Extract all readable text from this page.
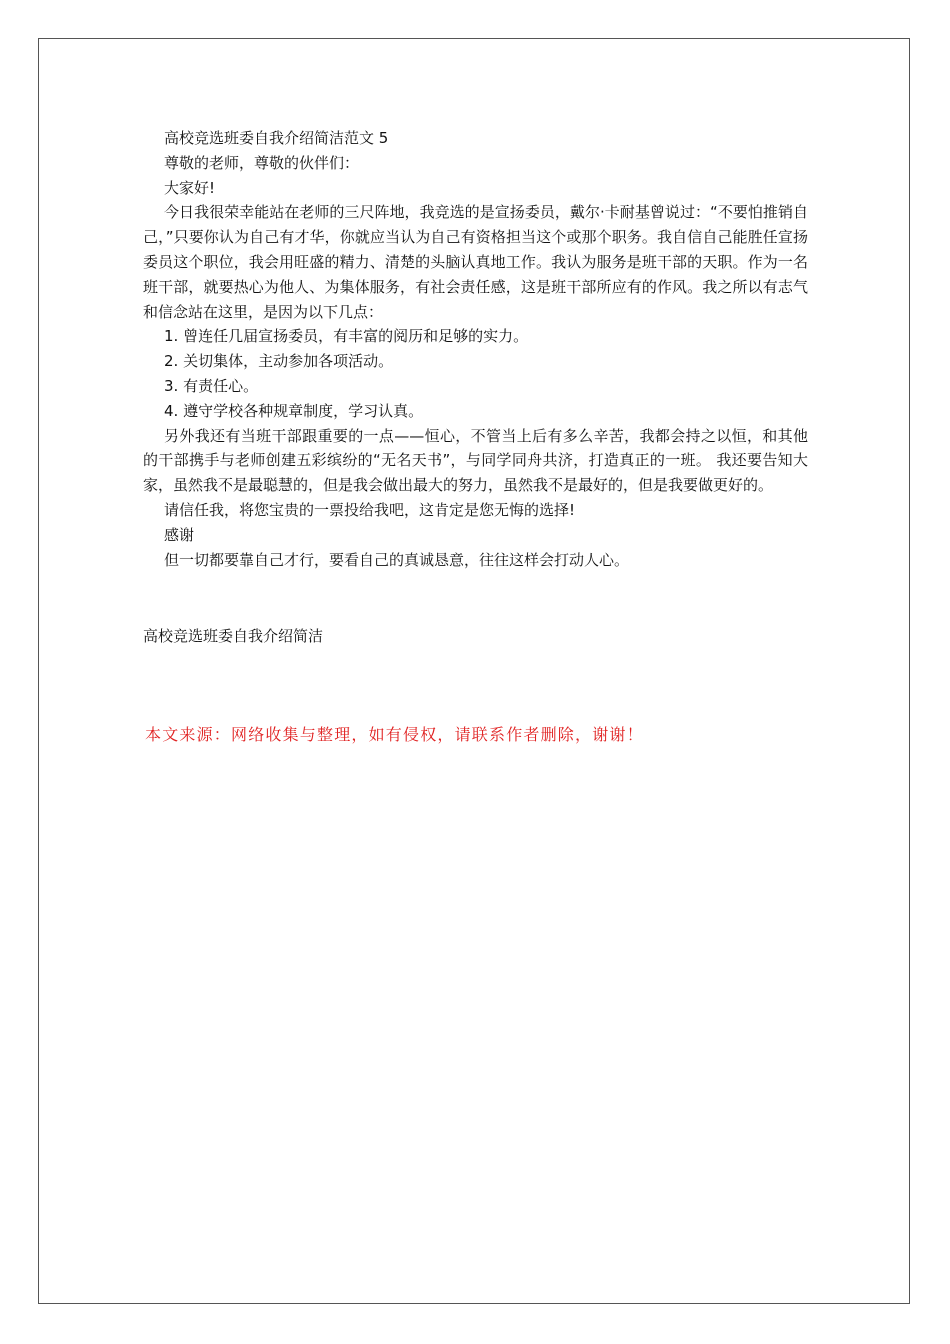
高校竞选班委自我介绍简洁范文 5

尊敬的老师，尊敬的伙伴们：

大家好!

今日我很荣幸能站在老师的三尺阵地，我竞选的是宣扬委员，戴尔·卡耐基曾说过：“不要怕推销自己，”只要你认为自己有才华，你就应当认为自己有资格担当这个或那个职务。我自信自己能胜任宣扬委员这个职位，我会用旺盛的精力、清楚的头脑认真地工作。我认为服务是班干部的天职。作为一名班干部，就要热心为他人、为集体服务，有社会责任感，这是班干部所应有的作风。我之所以有志气和信念站在这里，是因为以下几点：

1. 曾连任几届宣扬委员，有丰富的阅历和足够的实力。

2. 关切集体，主动参加各项活动。

3. 有责任心。

4. 遵守学校各种规章制度，学习认真。

另外我还有当班干部跟重要的一点——恒心，不管当上后有多么辛苦，我都会持之以恒，和其他的干部携手与老师创建五彩缤纷的“无名天书”，与同学同舟共济，打造真正的一班。 我还要告知大家，虽然我不是最聪慧的，但是我会做出最大的努力，虽然我不是最好的，但是我要做更好的。

请信任我，将您宝贵的一票投给我吧，这肯定是您无悔的选择!

感谢

但一切都要靠自己才行，要看自己的真诚恳意，往往这样会打动人心。

高校竞选班委自我介绍简洁

本文来源：网络收集与整理，如有侵权，请联系作者删除，谢谢！
